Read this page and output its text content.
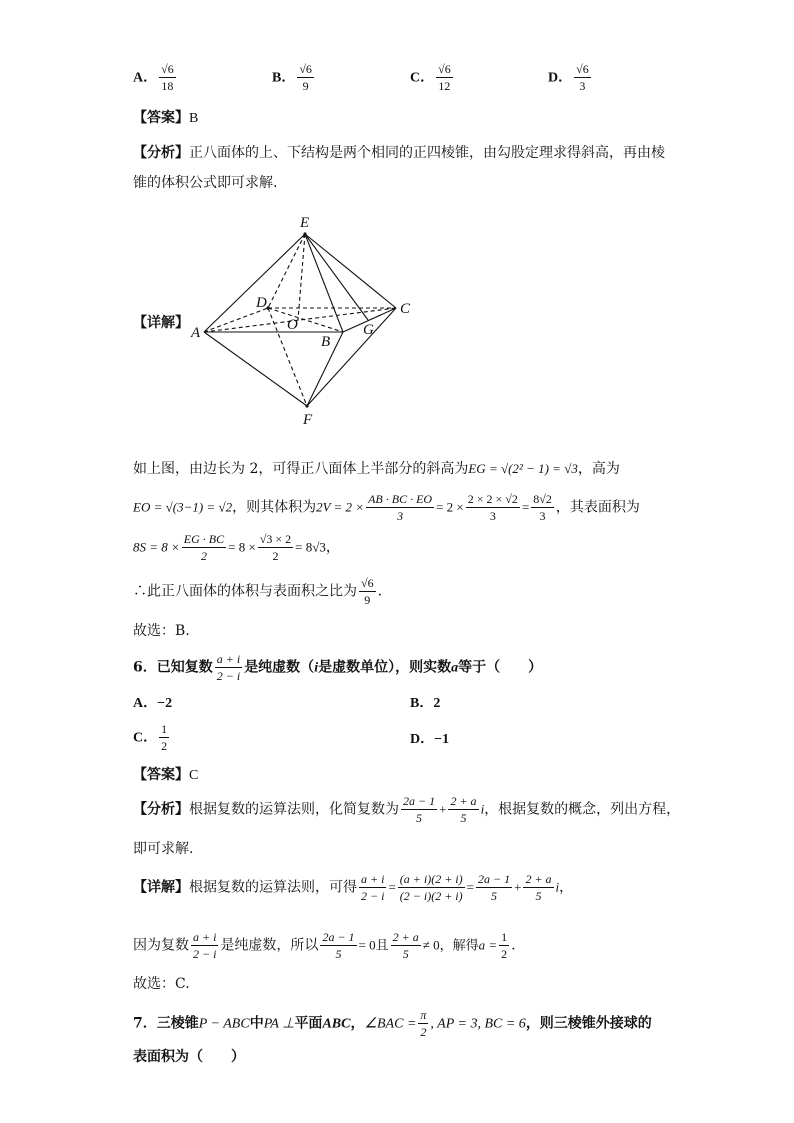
A． $\frac{√6}{18}$	B． $\frac{√6}{9}$	C． $\frac{√6}{12}$	D． $\frac{√6}{3}$
【答案】B
【分析】正八面体的上、下结构是两个相同的正四棱锥，由勾股定理求得斜高，再由棱
锥的体积公式即可求解.
【详解】
E
D	C
A	O	G
B
F
如上图，由边长为 2，可得正八面体上半部分的斜高为EG = √(2² − 1) = √3，高为
EO = √(3−1) = √2，则其体积为$2V = 2 \times \frac{AB \cdot BC \cdot EO}{3} = 2 \times \frac{2 \times 2 \times √2}{3} = \frac{8√2}{3}$ ，其表面积为
$8S = 8 \times \frac{EG \cdot BC}{2} = 8 \times \frac{√3 \times 2}{2} = 8√3$，
∴此正八面体的体积与表面积之比为 $\frac{√6}{9}$ .
故选：B.
6．已知复数 $\frac{a + i}{2 - i}$ 是纯虚数（i是虚数单位），则实数a等于（　　）
A．−2	B．2
C． $\frac{1}{2}$	D．−1
【答案】C
【分析】根据复数的运算法则，化简复数为 $\frac{2a - 1}{5} + \frac{2 + a}{5}$ i，根据复数的概念，列出方程，
即可求解.
【详解】根据复数的运算法则，可得 $\frac{a + i}{2 - i} = \frac{(a + i)(2 + i)}{(2 - i)(2 + i)} = \frac{2a - 1}{5} + \frac{2 + a}{5}$ i，
因为复数 $\frac{a + i}{2 - i}$ 是纯虚数，所以 $\frac{2a - 1}{5} = 0$且 $\frac{2 + a}{5} \ne 0$，解得$a = \frac{1}{2}$ .
故选：C.
7．三棱锥P − ABC中PA ⊥平面ABC，∠BAC = $\frac{\pi}{2}$ , AP = 3, BC = 6，则三棱锥外接球的
表面积为（　　）
